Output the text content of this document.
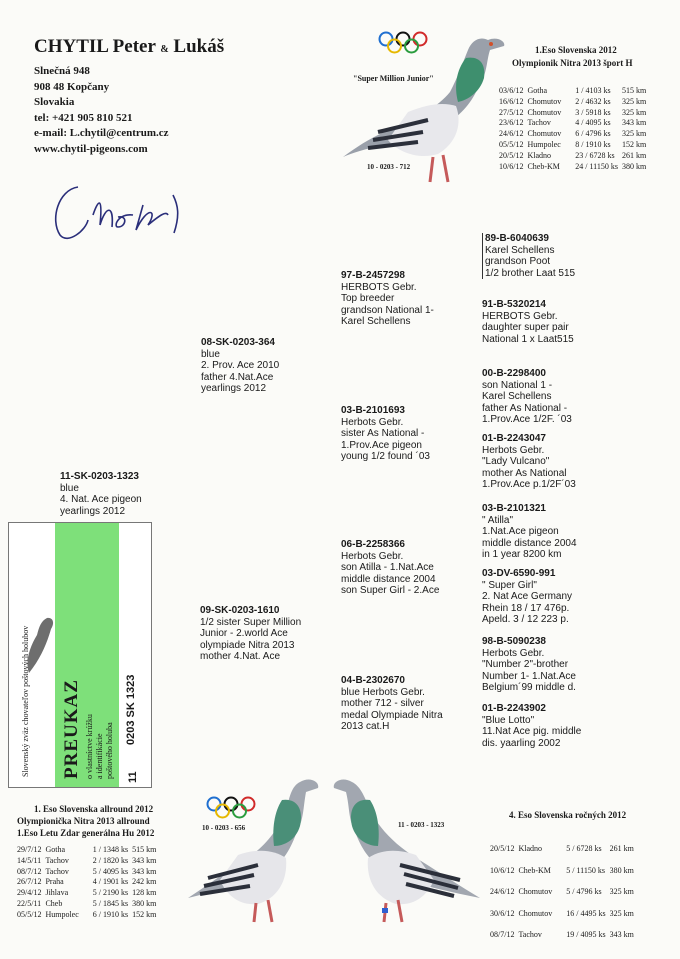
CHYTIL Peter & Lukáš
Slnečná 948
908 48 Kopčany
Slovakia
tel: +421 905 810 521
e-mail: L.chytil@centrum.cz
www.chytil-pigeons.com
"Super Million Junior"
10 - 0203 - 712
1.Eso Slovenska 2012
Olympionik Nitra 2013 šport H
03/6/12	Gotha	1 / 4103 ks	515 km
16/6/12	Chomutov	2 / 4632 ks	325 km
27/5/12	Chomutov	3 / 5918 ks	325 km
23/6/12	Tachov	4 / 4095 ks	343 km
24/6/12	Chomutov	6 / 4796 ks	325 km
05/5/12	Humpolec	8 / 1910 ks	152 km
20/5/12	Kladno	23 / 6728 ks	261 km
10/6/12	Cheb-KM	24 / 11150 ks	380 km
11-SK-0203-1323
blue
4. Nat. Ace pigeon
yearlings 2012
08-SK-0203-364
blue
2. Prov. Ace 2010
father 4.Nat.Ace
yearlings 2012
09-SK-0203-1610
1/2 sister Super Million
Junior - 2.world Ace
olympiade Nitra 2013
mother 4.Nat. Ace
97-B-2457298
HERBOTS Gebr.
Top breeder
grandson National 1-
Karel Schellens
03-B-2101693
Herbots Gebr.
sister As National -
1.Prov.Ace pigeon
young 1/2 found ´03
06-B-2258366
Herbots Gebr.
son Atilla - 1.Nat.Ace
middle distance 2004
son Super Girl - 2.Ace
04-B-2302670
blue Herbots Gebr.
mother 712 - silver
medal Olympiade Nitra
2013 cat.H
89-B-6040639
Karel Schellens
grandson Poot
1/2 brother Laat 515
91-B-5320214
HERBOTS Gebr.
daughter super pair
National 1 x Laat515
00-B-2298400
son National 1 -
Karel Schellens
father As National -
1.Prov.Ace 1/2F. ´03
01-B-2243047
Herbots Gebr.
"Lady Vulcano"
mother As National
1.Prov.Ace p.1/2F´03
03-B-2101321
" Atilla"
1.Nat.Ace pigeon
middle distance 2004
in 1 year 8200 km
03-DV-6590-991
" Super Girl"
2. Nat Ace Germany
Rhein 18 / 17 476p.
Apeld. 3 / 12 223 p.
98-B-5090238
Herbots Gebr.
"Number 2"-brother
Number 1- 1.Nat.Ace
Belgium´99 middle d.
01-B-2243902
"Blue Lotto"
11.Nat Ace pig. middle
dis. yaarling 2002
Slovenský zväz chovateľov poštových holubov PREUKAZ o vlastníctve krúžku a identifikácie poštového holuba
0203 SK 1323
11
1. Eso Slovenska allround 2012
Olympionička Nitra 2013 allround
1.Eso Letu Zdar generálna Hu 2012	10 - 0203 - 656
29/7/12	Gotha	1 / 1348 ks	515 km
14/5/11	Tachov	2 / 1820 ks	343 km
08/7/12	Tachov	5 / 4095 ks	343 km
26/7/12	Praha	4 / 1901 ks	242 km
29/4/12	Jihlava	5 / 2190 ks	128 km
22/5/11	Cheb	5 / 1845 ks	380 km
05/5/12	Humpolec	6 / 1910 ks	152 km
11 - 0203 - 1323
4. Eso Slovenska ročných 2012
20/5/12	Kladno	5 / 6728 ks	261 km
10/6/12	Cheb-KM	5 / 11150 ks	380 km
24/6/12	Chomutov	5 / 4796 ks	325 km
30/6/12	Chomutov	16 / 4495 ks	325 km
08/7/12	Tachov	19 / 4095 ks	343 km
